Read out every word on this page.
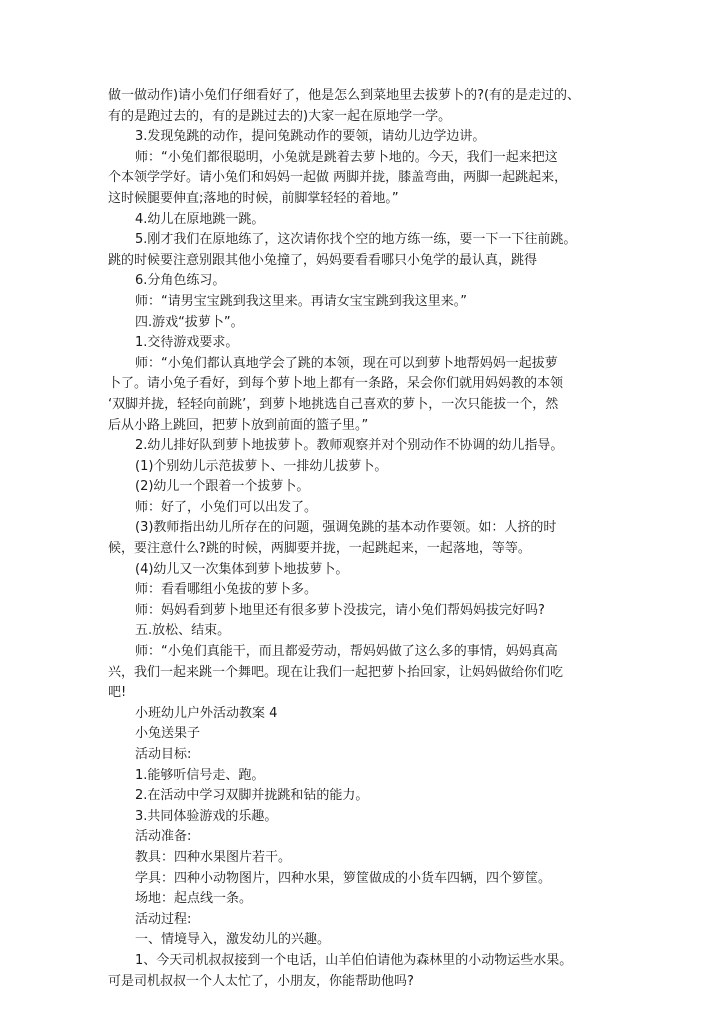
做一做动作)请小兔们仔细看好了，他是怎么到菜地里去拔萝卜的?(有的是走过的、
有的是跑过去的，有的是跳过去的)大家一起在原地学一学。
3.发现兔跳的动作，提问兔跳动作的要领，请幼儿边学边讲。
师：“小兔们都很聪明，小兔就是跳着去萝卜地的。今天，我们一起来把这
个本领学学好。请小兔们和妈妈一起做 两脚并拢，膝盖弯曲，两脚一起跳起来，
这时候腿要伸直;落地的时候，前脚掌轻轻的着地。”
4.幼儿在原地跳一跳。
5.刚才我们在原地练了，这次请你找个空的地方练一练，要一下一下往前跳。
跳的时候要注意别跟其他小兔撞了，妈妈要看看哪只小兔学的最认真，跳得
6.分角色练习。
师：“请男宝宝跳到我这里来。再请女宝宝跳到我这里来。”
四.游戏“拔萝卜”。
1.交待游戏要求。
师：“小兔们都认真地学会了跳的本领，现在可以到萝卜地帮妈妈一起拔萝
卜了。请小兔子看好，到每个萝卜地上都有一条路，呆会你们就用妈妈教的本领
‘双脚并拢，轻轻向前跳’，到萝卜地挑选自己喜欢的萝卜，一次只能拔一个，然
后从小路上跳回，把萝卜放到前面的篮子里。”
2.幼儿排好队到萝卜地拔萝卜。教师观察并对个别动作不协调的幼儿指导。
(1)个别幼儿示范拔萝卜、一排幼儿拔萝卜。
(2)幼儿一个跟着一个拔萝卜。
师：好了，小兔们可以出发了。
(3)教师指出幼儿所存在的问题，强调兔跳的基本动作要领。如：人挤的时
候，要注意什么?跳的时候，两脚要并拢，一起跳起来，一起落地，等等。
(4)幼儿又一次集体到萝卜地拔萝卜。
师：看看哪组小兔拔的萝卜多。
师：妈妈看到萝卜地里还有很多萝卜没拔完，请小兔们帮妈妈拔完好吗?
五.放松、结束。
师：“小兔们真能干，而且都爱劳动，帮妈妈做了这么多的事情，妈妈真高
兴，我们一起来跳一个舞吧。现在让我们一起把萝卜抬回家，让妈妈做给你们吃
吧!
小班幼儿户外活动教案 4
小兔送果子
活动目标:
1.能够听信号走、跑。
2.在活动中学习双脚并拢跳和钻的能力。
3.共同体验游戏的乐趣。
活动准备:
教具：四种水果图片若干。
学具：四种小动物图片，四种水果，箩筐做成的小货车四辆，四个箩筐。
场地：起点线一条。
活动过程:
一、情境导入，激发幼儿的兴趣。
1、今天司机叔叔接到一个电话，山羊伯伯请他为森林里的小动物运些水果。
可是司机叔叔一个人太忙了，小朋友，你能帮助他吗?
